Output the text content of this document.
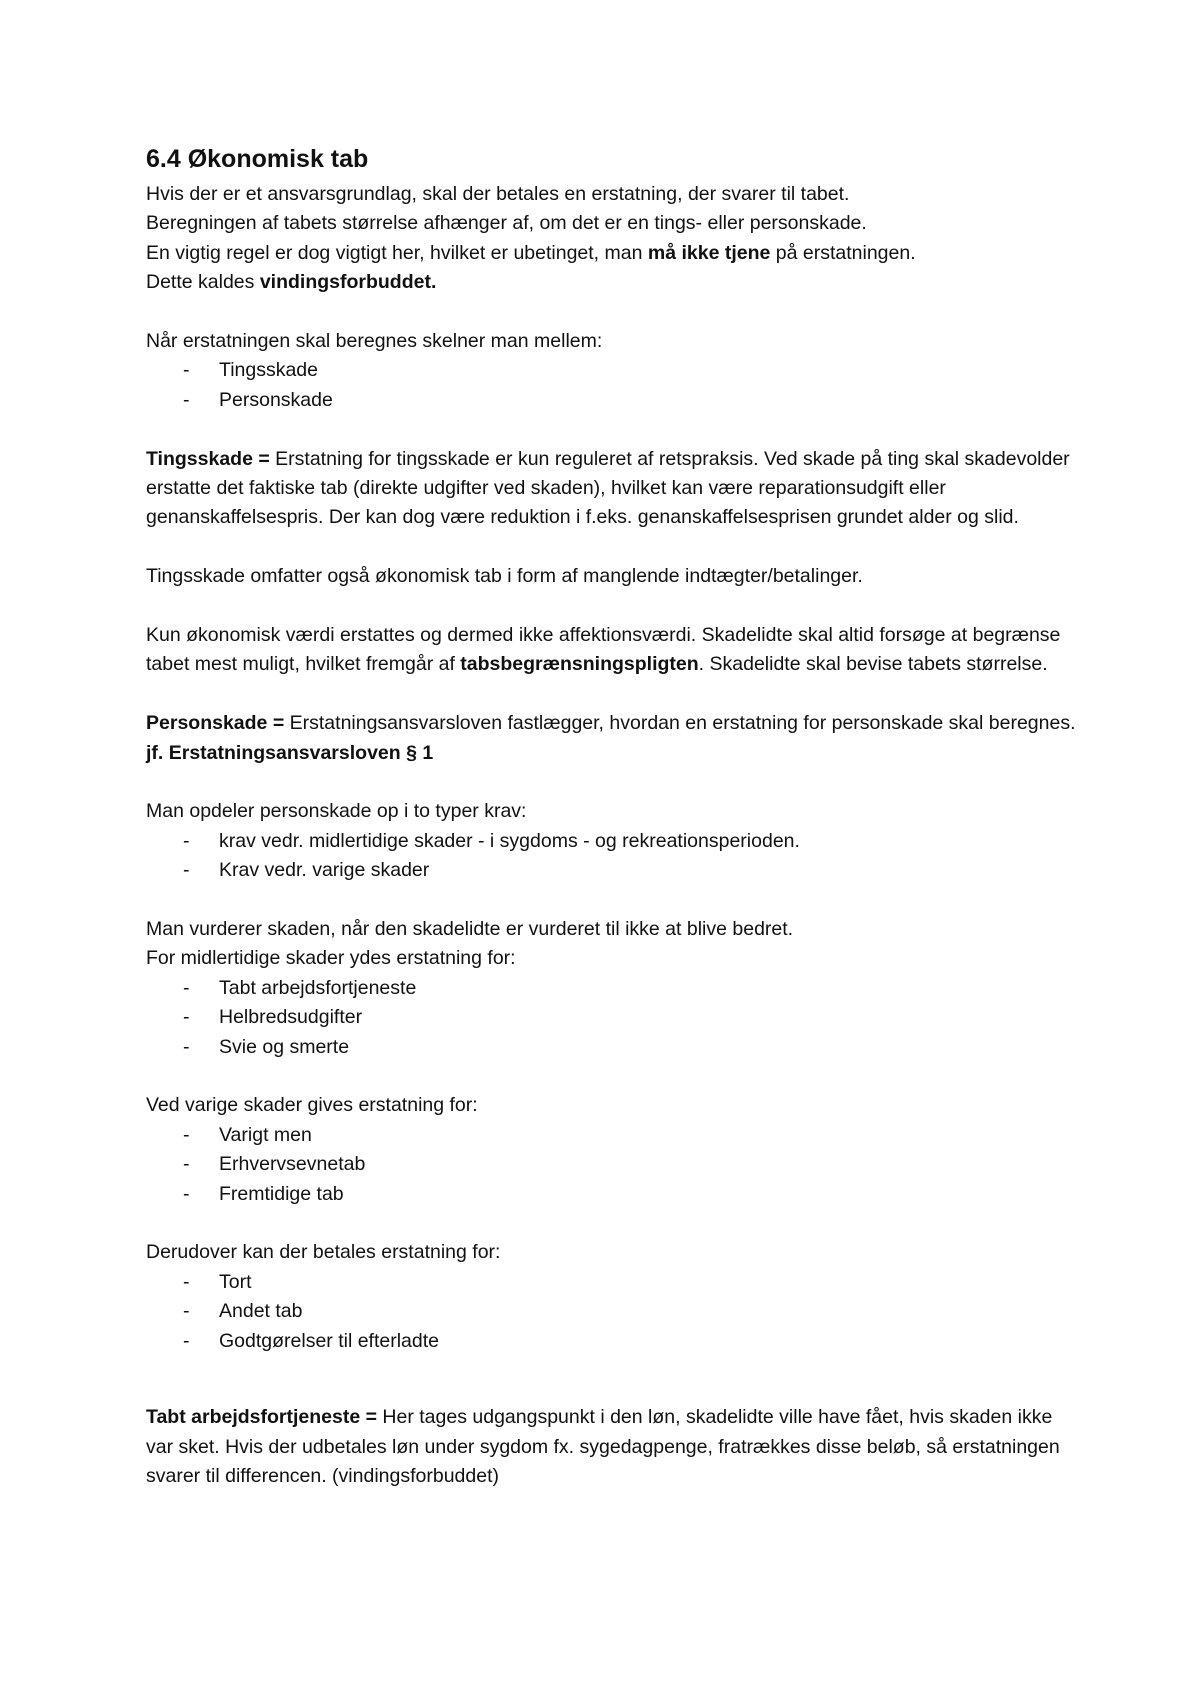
6.4 Økonomisk tab

Hvis der er et ansvarsgrundlag, skal der betales en erstatning, der svarer til tabet.

Beregningen af tabets størrelse afhænger af, om det er en tings- eller personskade.

En vigtig regel er dog vigtigt her, hvilket er ubetinget, man må ikke tjene på erstatningen.

Dette kaldes vindingsforbuddet.

Når erstatningen skal beregnes skelner man mellem:

- Tingsskade
- Personskade

Tingsskade = Erstatning for tingsskade er kun reguleret af retspraksis. Ved skade på ting skal skadevolder erstatte det faktiske tab (direkte udgifter ved skaden), hvilket kan være reparationsudgift eller genanskaffelsespris. Der kan dog være reduktion i f.eks. genanskaffelsesprisen grundet alder og slid.

Tingsskade omfatter også økonomisk tab i form af manglende indtægter/betalinger.

Kun økonomisk værdi erstattes og dermed ikke affektionsværdi. Skadelidte skal altid forsøge at begrænse tabet mest muligt, hvilket fremgår af tabsbegrænsningspligten. Skadelidte skal bevise tabets størrelse.

Personskade = Erstatningsansvarsloven fastlægger, hvordan en erstatning for personskade skal beregnes. jf. Erstatningsansvarsloven § 1

Man opdeler personskade op i to typer krav:

- krav vedr. midlertidige skader - i sygdoms - og rekreationsperioden.
- Krav vedr. varige skader

Man vurderer skaden, når den skadelidte er vurderet til ikke at blive bedret.

For midlertidige skader ydes erstatning for:

- Tabt arbejdsfortjeneste
- Helbredsudgifter
- Svie og smerte

Ved varige skader gives erstatning for:

- Varigt men
- Erhvervsevnetab
- Fremtidige tab

Derudover kan der betales erstatning for:

- Tort
- Andet tab
- Godtgørelser til efterladte

Tabt arbejdsfortjeneste = Her tages udgangspunkt i den løn, skadelidte ville have fået, hvis skaden ikke var sket. Hvis der udbetales løn under sygdom fx. sygedagpenge, fratrækkes disse beløb, så erstatningen svarer til differencen. (vindingsforbuddet)
